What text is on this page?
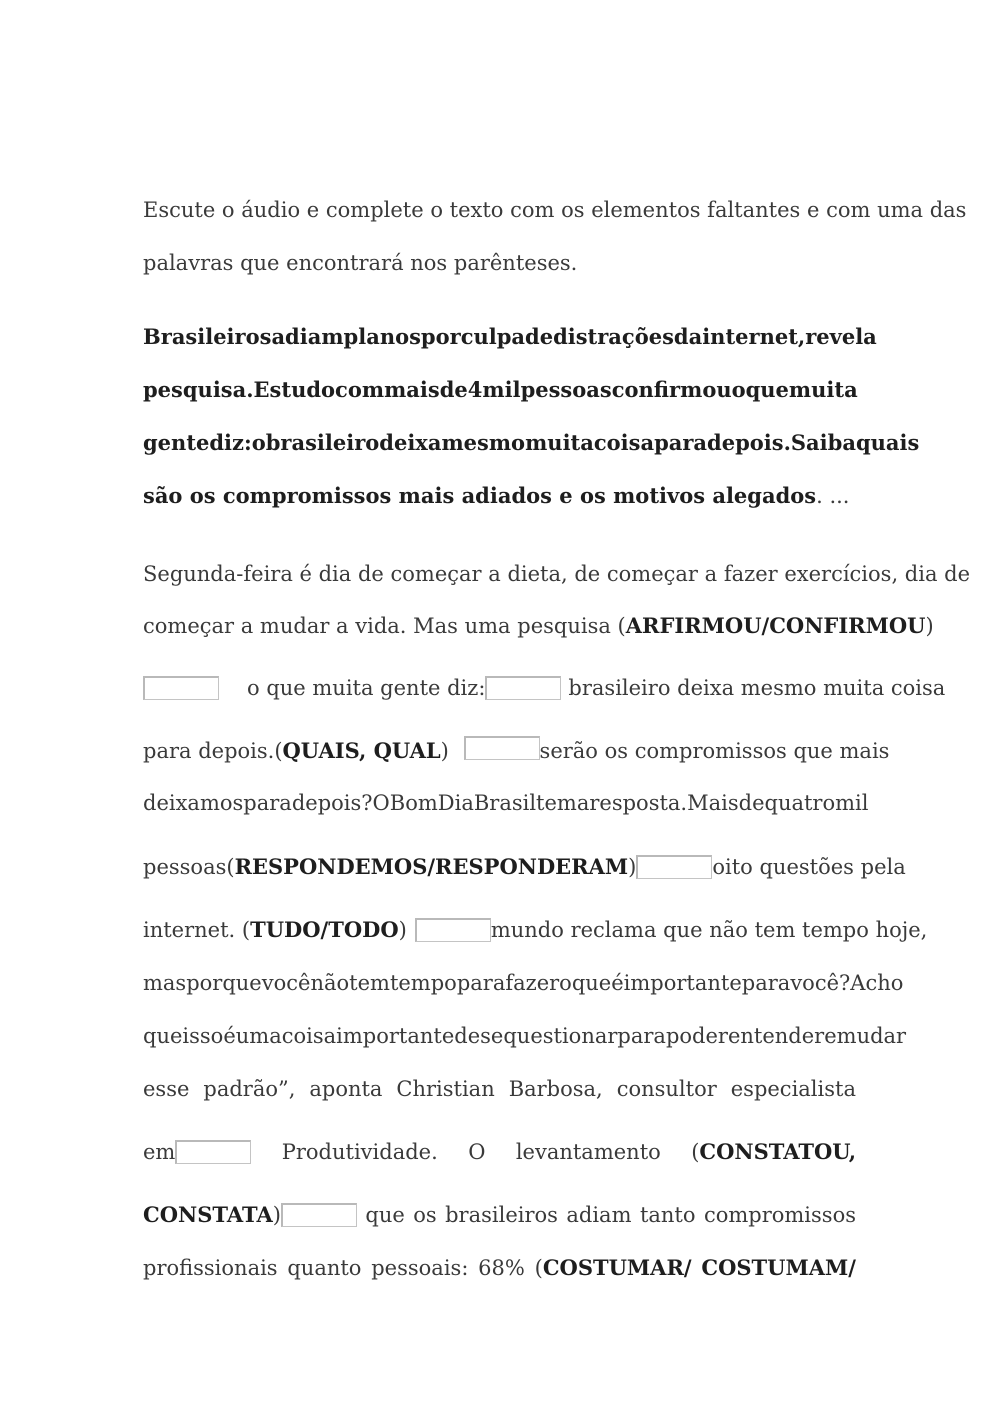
Escute o áudio e complete o texto com os elementos faltantes e com uma das
palavras que encontrará nos parênteses.
Brasileiros adiam planos por culpa de distrações da internet, revela
pesquisa. Estudo com mais de 4 mil pessoas confirmou o que muita
gente diz: o brasileiro deixa mesmo muita coisa para depois. Saiba quais
são os compromissos mais adiados e os motivos alegados. ...
Segunda-feira é dia de começar a dieta, de começar a fazer exercícios, dia de
começar a mudar a vida. Mas uma pesquisa (ARFIRMOU/CONFIRMOU)
o que muita gente diz:	brasileiro deixa mesmo muita coisa
para depois.(QUAIS, QUAL)	serão os compromissos que mais
deixamos para depois? O Bom Dia Brasil tem a resposta. Mais de quatro mil
pessoas( RESPONDEMOS/RESPONDERAM )	oito questões pela
internet. ( TUDO/TODO )	mundo reclama que não tem tempo hoje,
mas porque você não tem tempo para fazer o que é importante para você? Acho
que isso é uma coisa importante de se questionar para poder entender e mudar
esse padrão”, aponta Christian Barbosa, consultor especialista
em	Produtividade. O levantamento (CONSTATOU,
CONSTATA )	que os brasileiros adiam tanto compromissos
profissionais quanto pessoais: 68% (COSTUMAR/ COSTUMAM/
